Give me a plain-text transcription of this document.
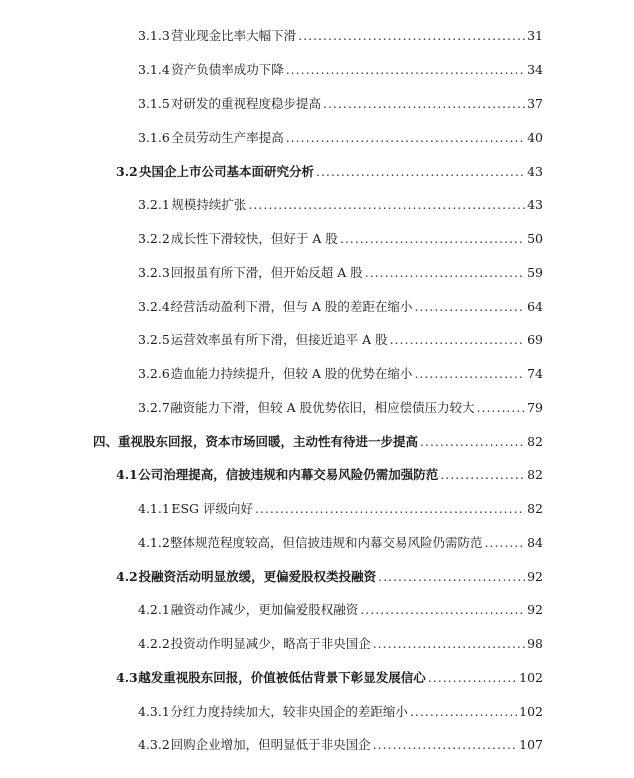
3.1.3 营业现金比率大幅下滑 .....	31
3.1.4 资产负债率成功下降 .....	34
3.1.5 对研发的重视程度稳步提高 .....	37
3.1.6 全员劳动生产率提高 .....	40
3.2 央国企上市公司基本面研究分析 .....	43
3.2.1 规模持续扩张 .....	43
3.2.2 成长性下滑较快，但好于 A 股 .....	50
3.2.3 回报虽有所下滑，但开始反超 A 股 .....	59
3.2.4 经营活动盈利下滑，但与 A 股的差距在缩小 .....	64
3.2.5 运营效率虽有所下滑，但接近追平 A 股 .....	69
3.2.6 造血能力持续提升，但较 A 股的优势在缩小 .....	74
3.2.7 融资能力下滑，但较 A 股优势依旧，相应偿债压力较大 .....	79
四、 重视股东回报，资本市场回暖，主动性有待进一步提高 .....	82
4.1 公司治理提高，信披违规和内幕交易风险仍需加强防范 .....	82
4.1.1 ESG 评级向好 .....	82
4.1.2 整体规范程度较高，但信披违规和内幕交易风险仍需防范 .....	84
4.2 投融资活动明显放缓，更偏爱股权类投融资 .....	92
4.2.1 融资动作减少，更加偏爱股权融资 .....	92
4.2.2 投资动作明显减少，略高于非央国企 .....	98
4.3 越发重视股东回报，价值被低估背景下彰显发展信心 .....	102
4.3.1 分红力度持续加大，较非央国企的差距缩小 .....	102
4.3.2 回购企业增加，但明显低于非央国企 .....	107
